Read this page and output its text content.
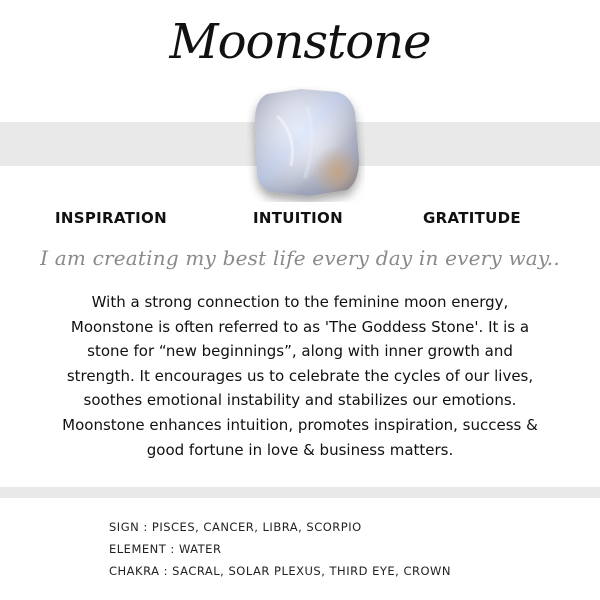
Moonstone
INSPIRATION	INTUITION	GRATITUDE
I am creating my best life every day in every way..
With a strong connection to the feminine moon energy,
Moonstone is often referred to as 'The Goddess Stone'. It is a
stone for “new beginnings”, along with inner growth and
strength. It encourages us to celebrate the cycles of our lives,
soothes emotional instability and stabilizes our emotions.
Moonstone enhances intuition, promotes inspiration, success &
good fortune in love & business matters.
SIGN : PISCES, CANCER, LIBRA, SCORPIO
ELEMENT : WATER
CHAKRA : SACRAL, SOLAR PLEXUS, THIRD EYE, CROWN
